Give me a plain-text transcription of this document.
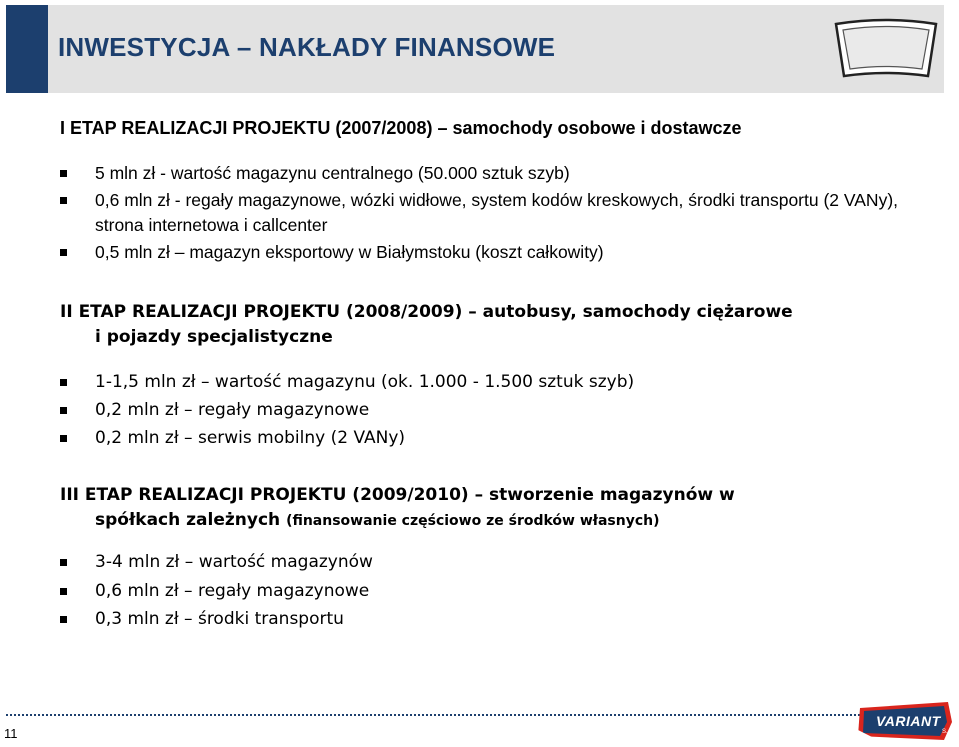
INWESTYCJA – NAKŁADY FINANSOWE
I ETAP REALIZACJI PROJEKTU (2007/2008) – samochody osobowe i dostawcze
5 mln zł - wartość magazynu centralnego (50.000 sztuk szyb)
0,6 mln zł - regały magazynowe, wózki widłowe, system kodów kreskowych, środki transportu (2 VANy), strona internetowa i callcenter
0,5 mln zł – magazyn eksportowy w Białymstoku (koszt całkowity)
II ETAP REALIZACJI PROJEKTU (2008/2009) – autobusy, samochody ciężarowe
i pojazdy specjalistyczne
1-1,5 mln zł – wartość magazynu (ok. 1.000 - 1.500 sztuk szyb)
0,2 mln zł – regały magazynowe
0,2 mln zł – serwis mobilny (2 VANy)
III ETAP REALIZACJI PROJEKTU (2009/2010) – stworzenie magazynów w
spółkach zależnych (finansowanie częściowo ze środków własnych)
3-4 mln zł – wartość magazynów
0,6 mln zł – regały magazynowe
0,3 mln zł – środki transportu
11	S.A.
VARIANT
